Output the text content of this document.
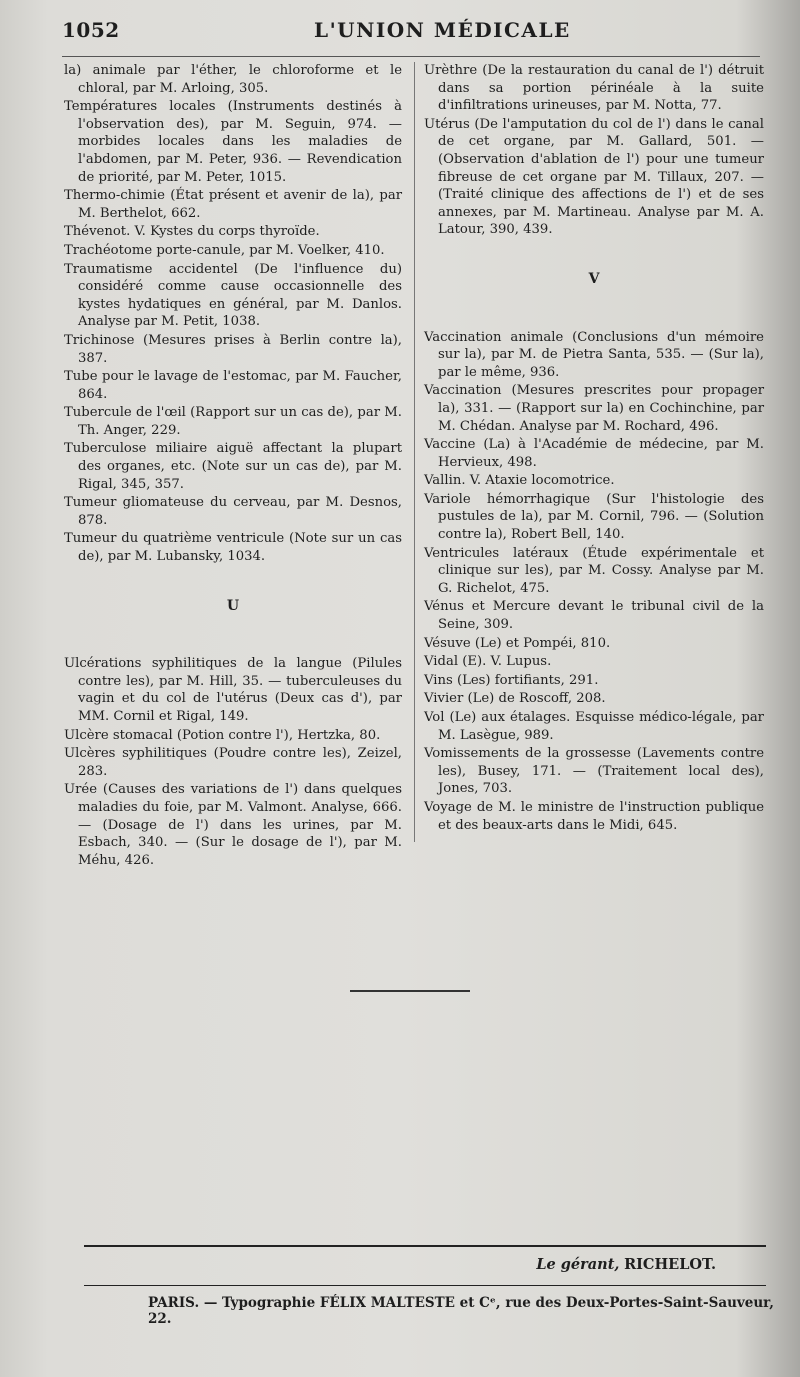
1052	L'UNION MÉDICALE

la) animale par l'éther, le chloroforme et le chloral, par M. Arloing, 305.

Températures locales (Instruments destinés à l'observation des), par M. Seguin, 974. — morbides locales dans les maladies de l'abdomen, par M. Peter, 936. — Revendication de priorité, par M. Peter, 1015.

Thermo-chimie (État présent et avenir de la), par M. Berthelot, 662.

Thévenot. V. Kystes du corps thyroïde.

Trachéotome porte-canule, par M. Voelker, 410.

Traumatisme accidentel (De l'influence du) considéré comme cause occasionnelle des kystes hydatiques en général, par M. Danlos. Analyse par M. Petit, 1038.

Trichinose (Mesures prises à Berlin contre la), 387.

Tube pour le lavage de l'estomac, par M. Faucher, 864.

Tubercule de l'œil (Rapport sur un cas de), par M. Th. Anger, 229.

Tuberculose miliaire aiguë affectant la plupart des organes, etc. (Note sur un cas de), par M. Rigal, 345, 357.

Tumeur gliomateuse du cerveau, par M. Desnos, 878.

Tumeur du quatrième ventricule (Note sur un cas de), par M. Lubansky, 1034.

U

Ulcérations syphilitiques de la langue (Pilules contre les), par M. Hill, 35. — tuberculeuses du vagin et du col de l'utérus (Deux cas d'), par MM. Cornil et Rigal, 149.

Ulcère stomacal (Potion contre l'), Hertzka, 80.

Ulcères syphilitiques (Poudre contre les), Zeizel, 283.

Urée (Causes des variations de l') dans quelques maladies du foie, par M. Valmont. Analyse, 666. — (Dosage de l') dans les urines, par M. Esbach, 340. — (Sur le dosage de l'), par M. Méhu, 426.

Urèthre (De la restauration du canal de l') détruit dans sa portion périnéale à la suite d'infiltrations urineuses, par M. Notta, 77.

Utérus (De l'amputation du col de l') dans le canal de cet organe, par M. Gallard, 501. — (Observation d'ablation de l') pour une tumeur fibreuse de cet organe par M. Tillaux, 207. — (Traité clinique des affections de l') et de ses annexes, par M. Martineau. Analyse par M. A. Latour, 390, 439.

V

Vaccination animale (Conclusions d'un mémoire sur la), par M. de Pietra Santa, 535. — (Sur la), par le même, 936.

Vaccination (Mesures prescrites pour propager la), 331. — (Rapport sur la) en Cochinchine, par M. Chédan. Analyse par M. Rochard, 496.

Vaccine (La) à l'Académie de médecine, par M. Hervieux, 498.

Vallin. V. Ataxie locomotrice.

Variole hémorrhagique (Sur l'histologie des pustules de la), par M. Cornil, 796. — (Solution contre la), Robert Bell, 140.

Ventricules latéraux (Étude expérimentale et clinique sur les), par M. Cossy. Analyse par M. G. Richelot, 475.

Vénus et Mercure devant le tribunal civil de la Seine, 309.

Vésuve (Le) et Pompéi, 810.

Vidal (E). V. Lupus.

Vins (Les) fortifiants, 291.

Vivier (Le) de Roscoff, 208.

Vol (Le) aux étalages. Esquisse médico-légale, par M. Lasègue, 989.

Vomissements de la grossesse (Lavements contre les), Busey, 171. — (Traitement local des), Jones, 703.

Voyage de M. le ministre de l'instruction publique et des beaux-arts dans le Midi, 645.

Le gérant, RICHELOT.
PARIS. — Typographie FÉLIX MALTESTE et Cᵉ, rue des Deux-Portes-Saint-Sauveur, 22.
